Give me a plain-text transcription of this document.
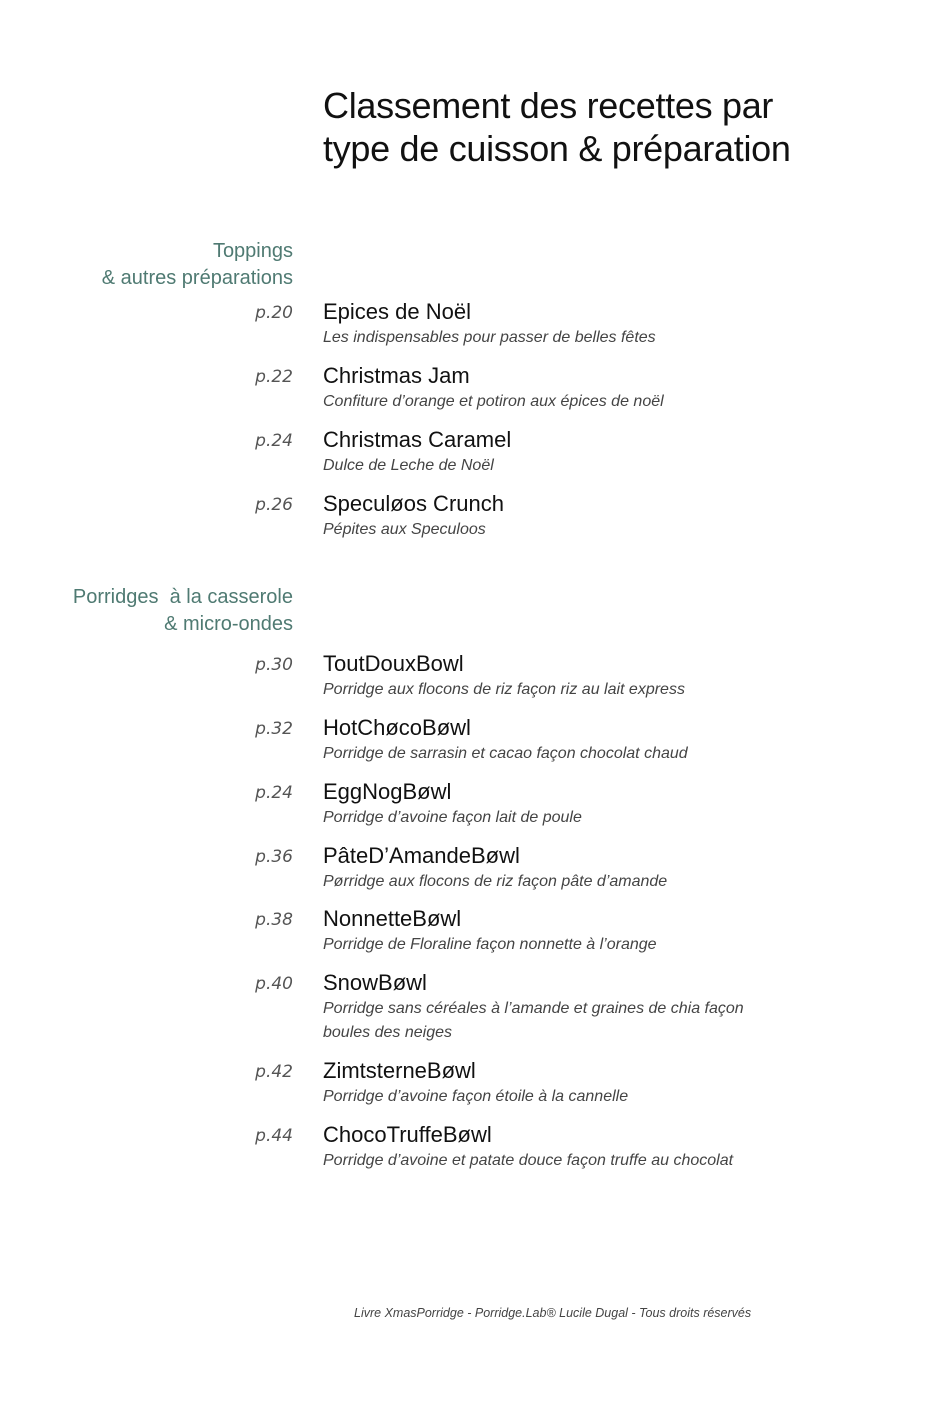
Classement des recettes par type de cuisson & préparation
Toppings
& autres préparations
p.20 Epices de Noël
Les indispensables pour passer de belles fêtes
p.22 Christmas Jam
Confiture d’orange et potiron aux épices de noël
p.24 Christmas Caramel
Dulce de Leche de Noël
p.26 Speculøos Crunch
Pépites aux Speculoos
Porridges  à la casserole
& micro-ondes
p.30 ToutDouxBowl
Porridge aux flocons de riz façon riz au lait express
p.32 HotChøcoBøwl
Porridge de sarrasin et cacao façon chocolat chaud
p.24 EggNogBøwl
Porridge d’avoine façon lait de poule
p.36 PâteD’AmandeBøwl
Pørridge aux flocons de riz façon pâte d’amande
p.38 NonnetteBøwl
Porridge de Floraline façon nonnette à l’orange
p.40 SnowBøwl
Porridge sans céréales à l’amande et graines de chia façon boules des neiges
p.42 ZimtsterneBøwl
Porridge d’avoine façon étoile à la cannelle
p.44 ChocoTruffeBøwl
Porridge d’avoine et patate douce façon truffe au chocolat
Livre XmasPorridge - Porridge.Lab® Lucile Dugal - Tous droits réservés
